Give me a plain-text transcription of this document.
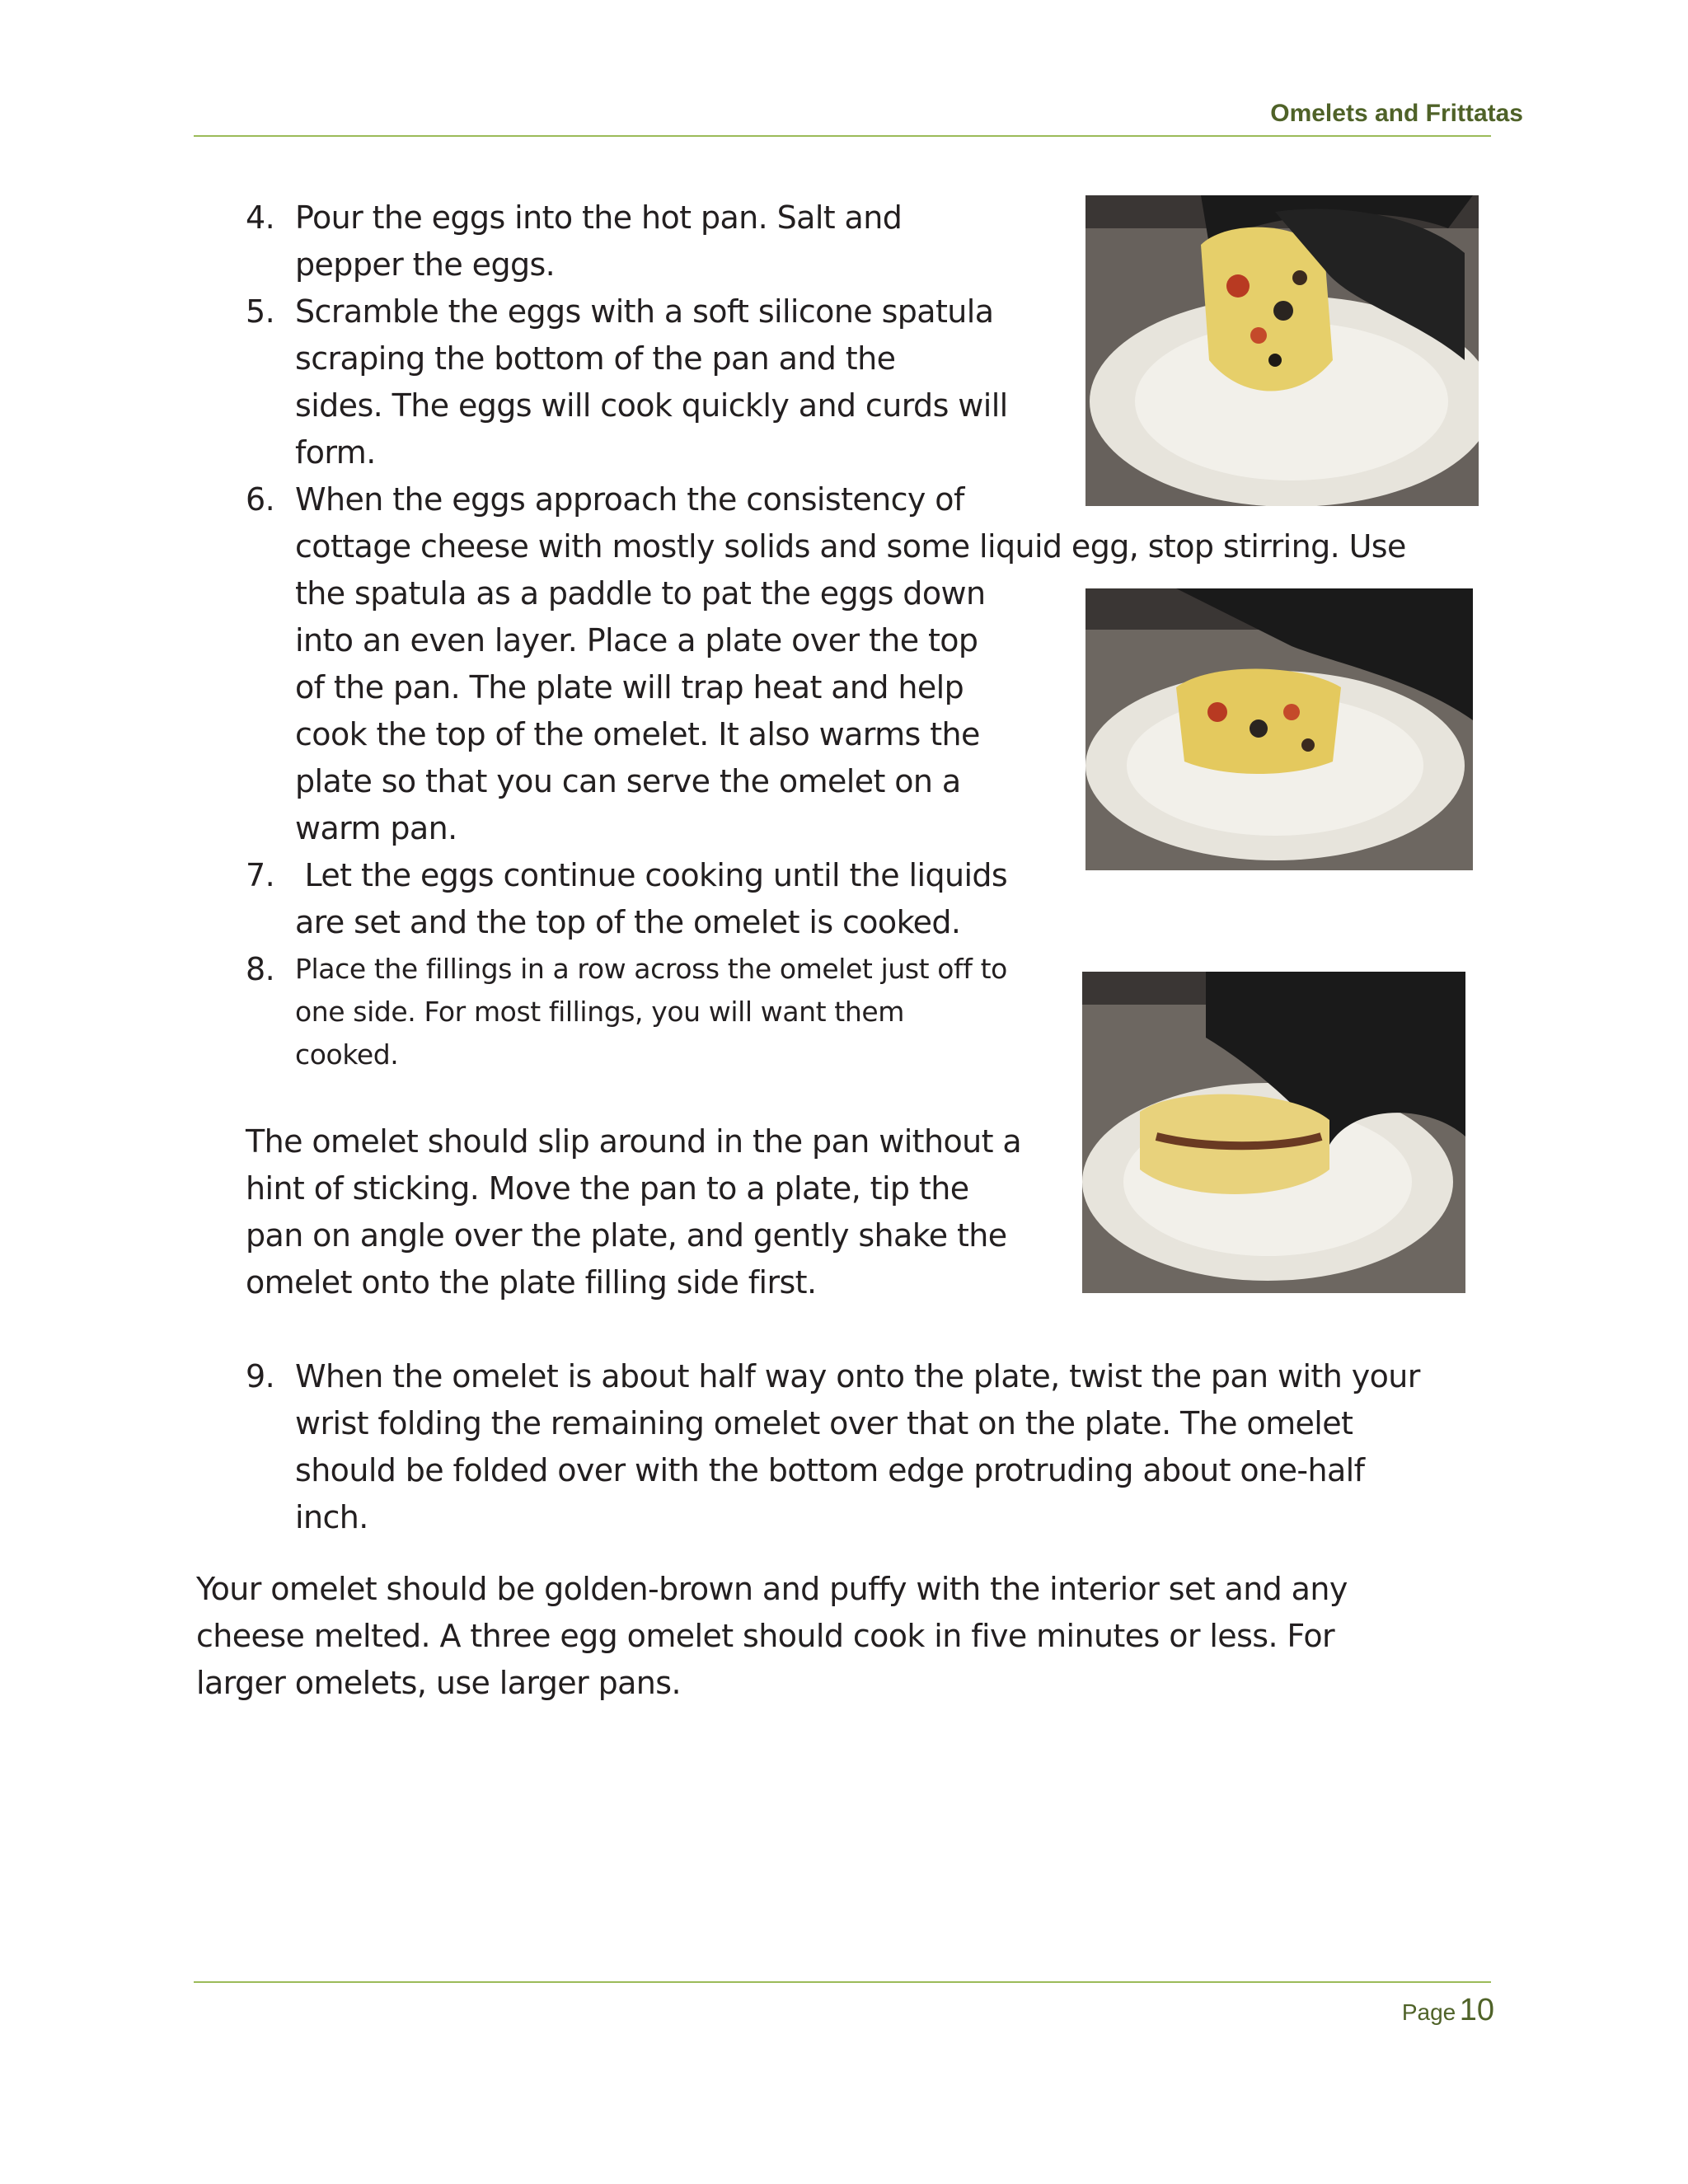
Omelets and Frittatas
4. Pour the eggs into the hot pan. Salt and
pepper the eggs.
5. Scramble the eggs with a soft silicone spatula
scraping the bottom of the pan and the
sides. The eggs will cook quickly and curds will
form.
6. When the eggs approach the consistency of
cottage cheese with mostly solids and some liquid egg, stop stirring. Use
the spatula as a paddle to pat the eggs down
into an even layer. Place a plate over the top
of the pan. The plate will trap heat and help
cook the top of the omelet. It also warms the
plate so that you can serve the omelet on a
warm pan.
7. Let the eggs continue cooking until the liquids
are set and the top of the omelet is cooked.
8. Place the fillings in a row across the omelet just off to
one side. For most fillings, you will want them
cooked.
The omelet should slip around in the pan without a
hint of sticking. Move the pan to a plate, tip the
pan on angle over the plate, and gently shake the
omelet onto the plate filling side first.
9. When the omelet is about half way onto the plate, twist the pan with your
wrist folding the remaining omelet over that on the plate. The omelet
should be folded over with the bottom edge protruding about one-half
inch.
Your omelet should be golden-brown and puffy with the interior set and any
cheese melted. A three egg omelet should cook in five minutes or less. For
larger omelets, use larger pans.
Page 10
